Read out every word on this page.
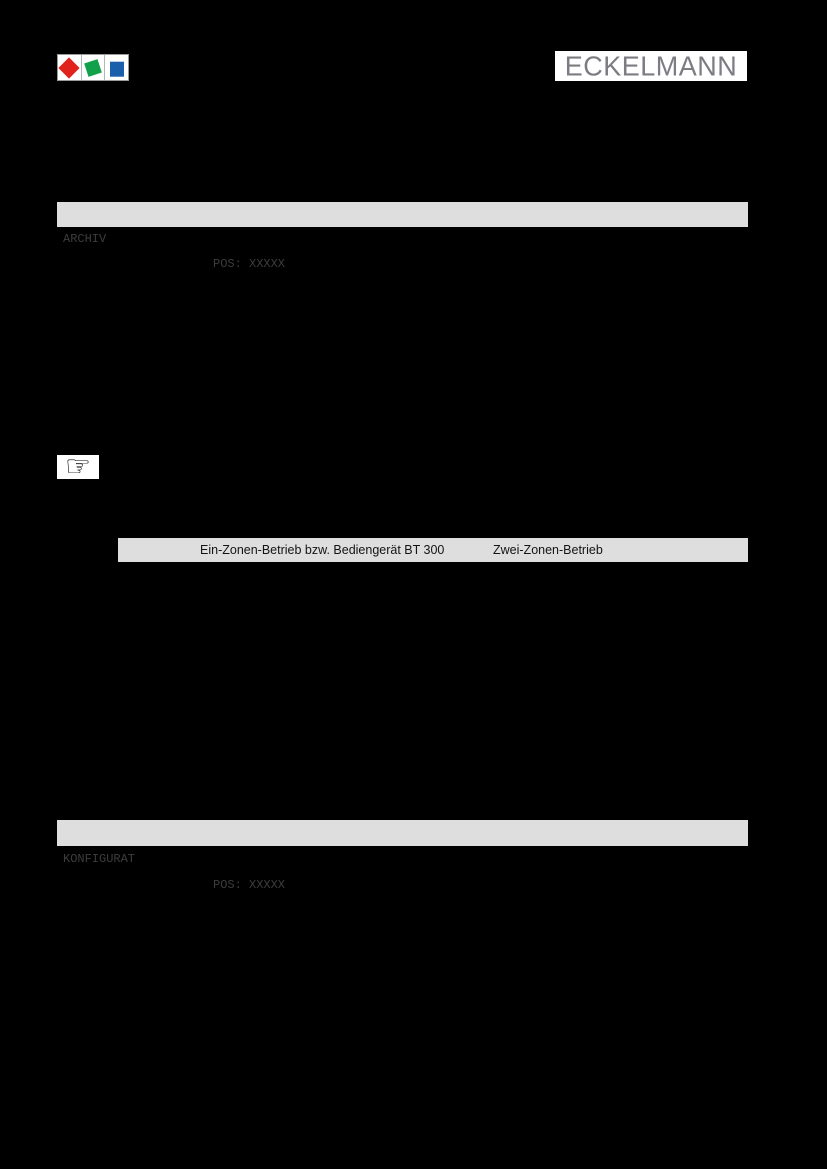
ECKELMANN

ARCHIV

POS: XXXXX

☞
Ein-Zonen-Betrieb bzw. Bediengerät BT 300	Zwei-Zonen-Betrieb

KONFIGURAT

POS: XXXXX
